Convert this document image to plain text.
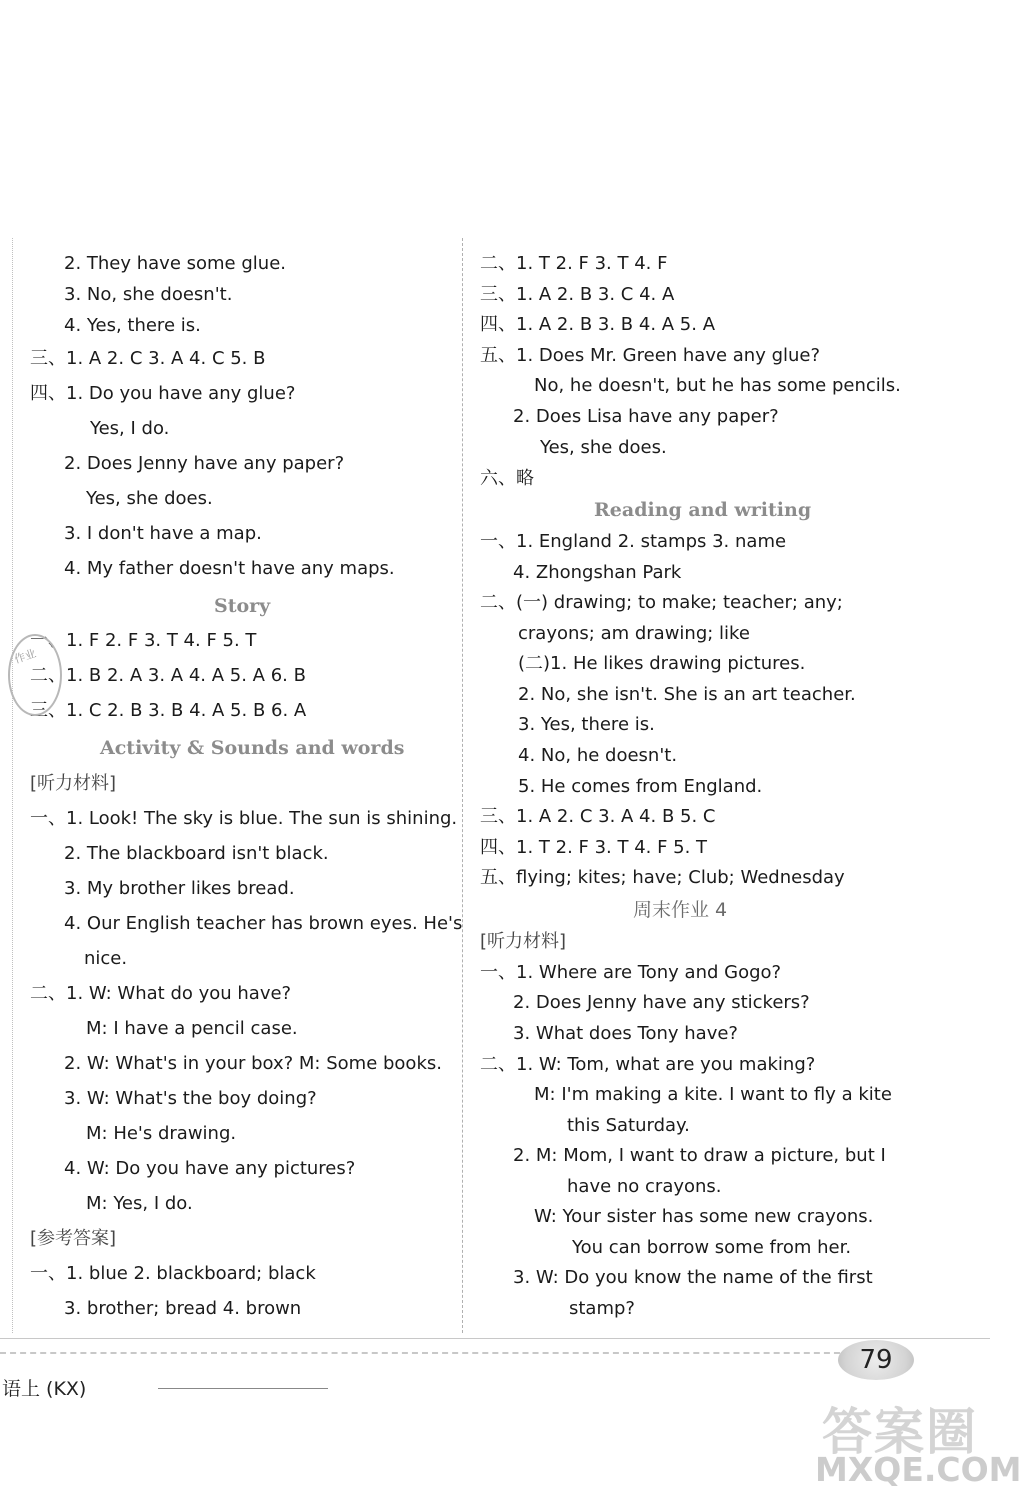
2. They have some glue.
3. No, she doesn't.
4. Yes, there is.
三、1. A 2. C 3. A 4. C 5. B
四、1. Do you have any glue?
Yes, I do.
2. Does Jenny have any paper?
Yes, she does.
3. I don't have a map.
4. My father doesn't have any maps.
Story
一、1. F 2. F 3. T 4. F 5. T
二、1. B 2. A 3. A 4. A 5. A 6. B
三、1. C 2. B 3. B 4. A 5. B 6. A
Activity & Sounds and words
[听力材料]
一、1. Look! The sky is blue. The sun is shining.
2. The blackboard isn't black.
3. My brother likes bread.
4. Our English teacher has brown eyes. He's
nice.
二、1. W: What do you have?
M: I have a pencil case.
2. W: What's in your box? M: Some books.
3. W: What's the boy doing?
M: He's drawing.
4. W: Do you have any pictures?
M: Yes, I do.
[参考答案]
一、1. blue 2. blackboard; black
3. brother; bread 4. brown
二、1. T 2. F 3. T 4. F
三、1. A 2. B 3. C 4. A
四、1. A 2. B 3. B 4. A 5. A
五、1. Does Mr. Green have any glue?
No, he doesn't, but he has some pencils.
2. Does Lisa have any paper?
Yes, she does.
六、略
Reading and writing
一、1. England 2. stamps 3. name
4. Zhongshan Park
二、(一) drawing; to make; teacher; any;
crayons; am drawing; like
(二)1. He likes drawing pictures.
2. No, she isn't. She is an art teacher.
3. Yes, there is.
4. No, he doesn't.
5. He comes from England.
三、1. A 2. C 3. A 4. B 5. C
四、1. T 2. F 3. T 4. F 5. T
五、flying; kites; have; Club; Wednesday
周末作业 4
[听力材料]
一、1. Where are Tony and Gogo?
2. Does Jenny have any stickers?
3. What does Tony have?
二、1. W: Tom, what are you making?
M: I'm making a kite. I want to fly a kite
this Saturday.
2. M: Mom, I want to draw a picture, but I
have no crayons.
W: Your sister has some new crayons.
You can borrow some from her.
3. W: Do you know the name of the first
stamp?
作业
79
语上 (KX)
答案圈
MXQE.COM
